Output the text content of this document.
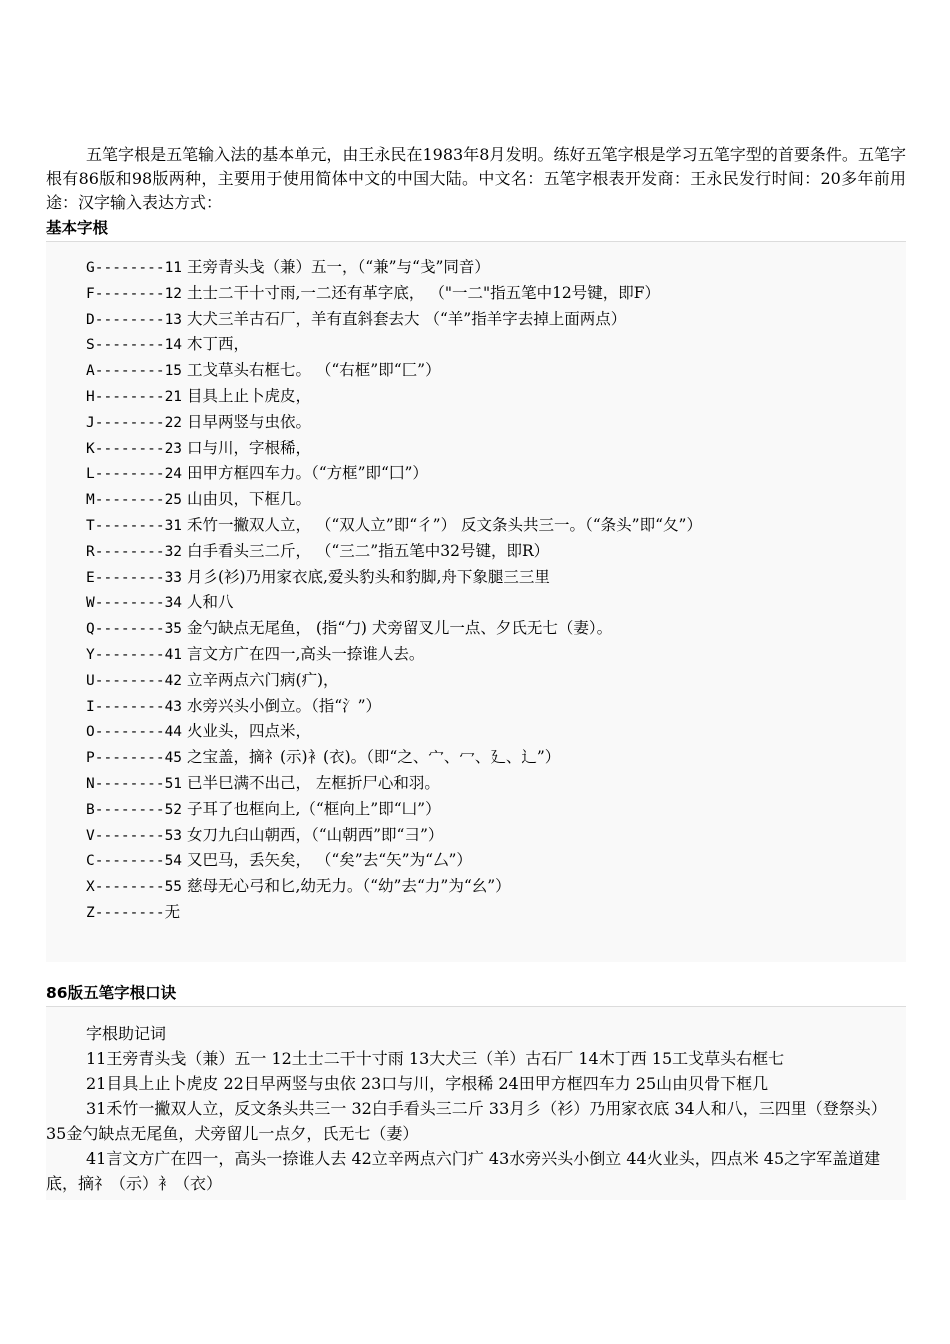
五笔字根是五笔输入法的基本单元，由王永民在1983年8月发明。练好五笔字根是学习五笔字型的首要条件。五笔字根有86版和98版两种，主要用于使用简体中文的中国大陆。中文名：五笔字根表开发商：王永民发行时间：20多年前用途：汉字输入表达方式：

基本字根
G--------11 王旁青头戋（兼）五一，（“兼”与“戋”同音）
F--------12 土士二干十寸雨,一二还有革字底， （"一二"指五笔中12号键，即F）
D--------13 大犬三羊古石厂，羊有直斜套去大 （“羊”指羊字去掉上面两点）
S--------14 木丁西，
A--------15 工戈草头右框七。 （“右框”即“匚”）
H--------21 目具上止卜虎皮，
J--------22 日早两竖与虫依。
K--------23 口与川，字根稀，
L--------24 田甲方框四车力。（“方框”即“囗”）
M--------25 山由贝，下框几。
T--------31 禾竹一撇双人立， （“双人立”即“彳”） 反文条头共三一。（“条头”即“夂”）
R--------32 白手看头三二斤， （“三二”指五笔中32号键，即R）
E--------33 月彡(衫)乃用家衣底,爱头豹头和豹脚,舟下象腿三三里
W--------34 人和八
Q--------35 金勺缺点无尾鱼， (指“勹) 犬旁留叉儿一点、夕氏无七（妻）。
Y--------41 言文方广在四一,高头一捺谁人去。
U--------42 立辛两点六门病(疒)，
I--------43 水旁兴头小倒立。（指“氵”）
O--------44 火业头，四点米，
P--------45 之宝盖，摘礻(示)衤(衣)。（即“之、宀、冖、廴、辶”）
N--------51 已半巳满不出己， 左框折尸心和羽。
B--------52 子耳了也框向上,（“框向上”即“凵”）
V--------53 女刀九臼山朝西，（“山朝西”即“彐”）
C--------54 又巴马，丢矢矣， （“矣”去“矢”为“厶”）
X--------55 慈母无心弓和匕,幼无力。（“幼”去“力”为“幺”）
Z--------无
86版五笔字根口诀

字根助记词

11王旁青头戋（兼）五一 12土士二干十寸雨 13大犬三（羊）古石厂 14木丁西 15工戈草头右框七

21目具上止卜虎皮 22日早两竖与虫依 23口与川，字根稀 24田甲方框四车力 25山由贝骨下框几

31禾竹一撇双人立，反文条头共三一 32白手看头三二斤 33月彡（衫）乃用家衣底 34人和八，三四里（登祭头） 35金勺缺点无尾鱼，犬旁留儿一点夕，氏无七（妻）

41言文方广在四一，高头一捺谁人去 42立辛两点六门疒 43水旁兴头小倒立 44火业头，四点米 45之字军盖道建底，摘礻（示）衤（衣）
